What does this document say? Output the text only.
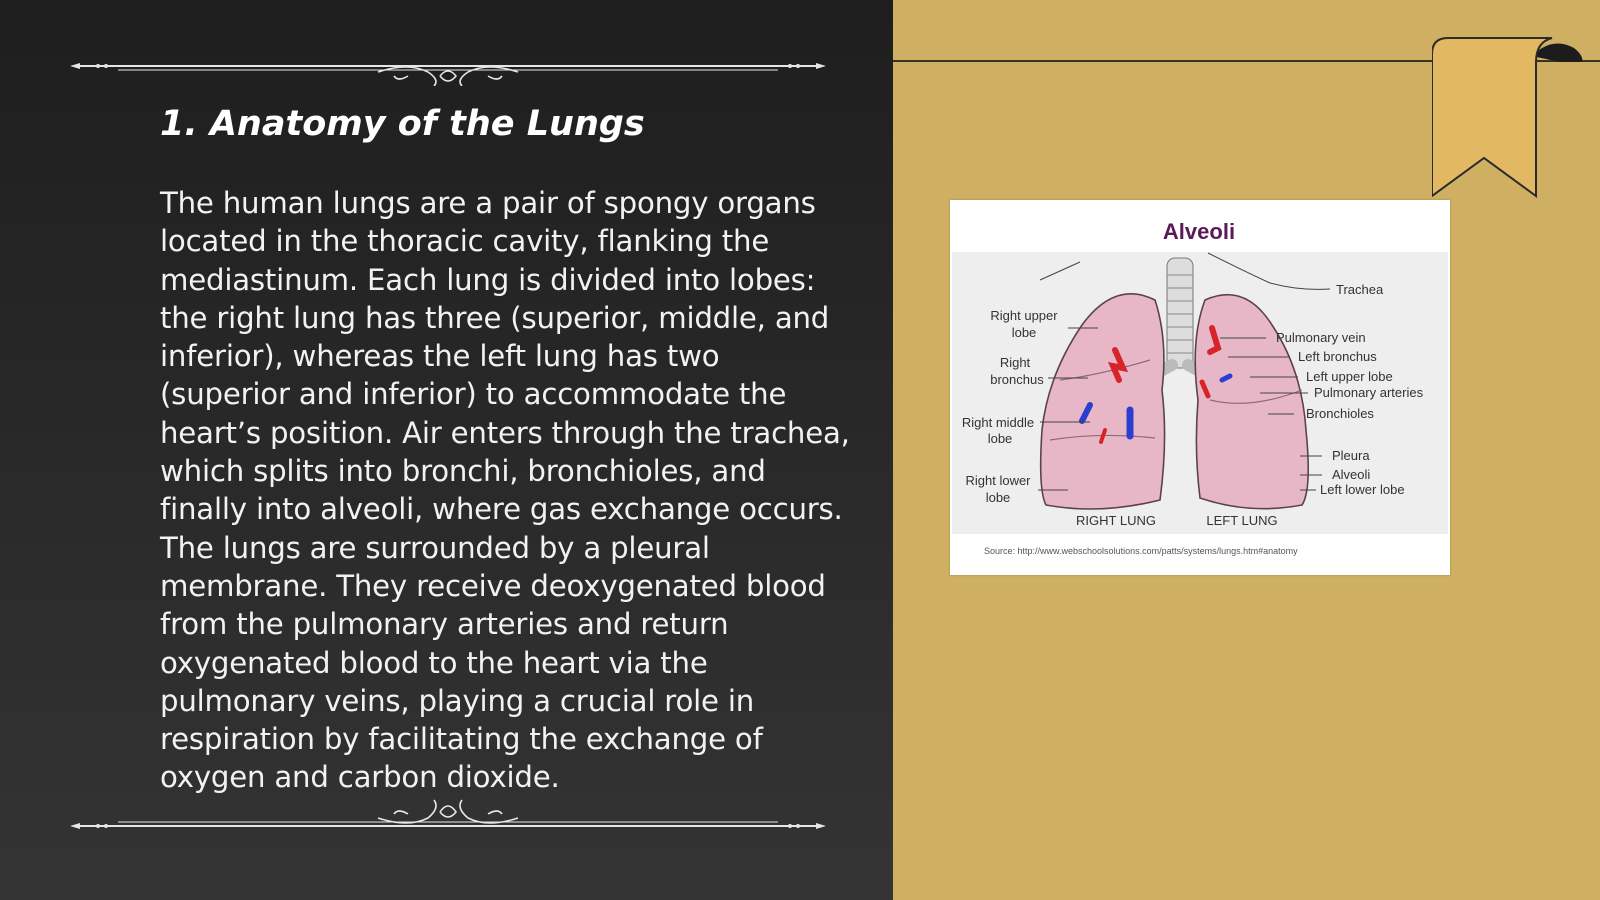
1. Anatomy of the Lungs

The human lungs are a pair of spongy organs located in the thoracic cavity, flanking the mediastinum. Each lung is divided into lobes: the right lung has three (superior, middle, and inferior), whereas the left lung has two (superior and inferior) to accommodate the heart’s position. Air enters through the trachea, which splits into bronchi, bronchioles, and finally into alveoli, where gas exchange occurs. The lungs are surrounded by a pleural membrane. They receive deoxygenated blood from the pulmonary arteries and return oxygenated blood to the heart via the pulmonary veins, playing a crucial role in respiration by facilitating the exchange of oxygen and carbon dioxide.

Alveoli
Right upper
lobe
Right
bronchus
Right middle
lobe
Right lower
lobe
Trachea
Pulmonary vein
Left bronchus
Left upper lobe
Pulmonary arteries
Bronchioles
Pleura
Alveoli
Left lower lobe
RIGHT LUNG	LEFT LUNG
Source: http://www.webschoolsolutions.com/patts/systems/lungs.htm#anatomy
